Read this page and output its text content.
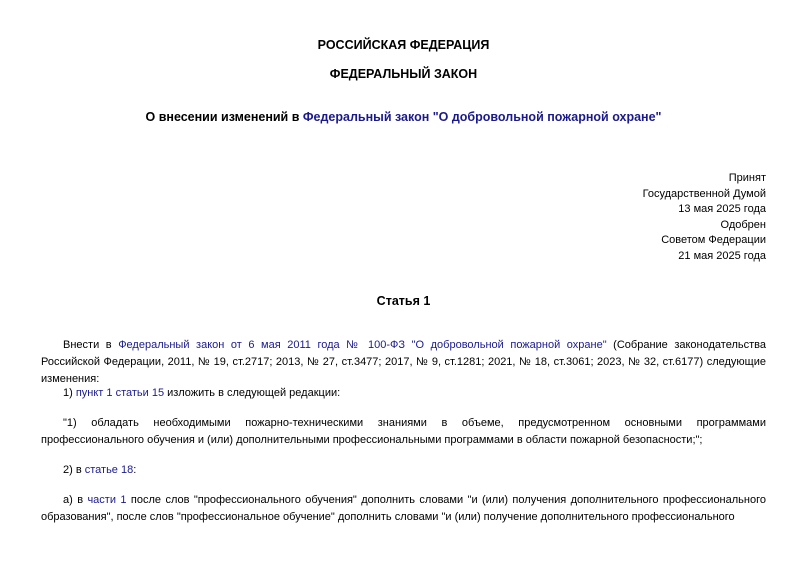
РОССИЙСКАЯ ФЕДЕРАЦИЯ
ФЕДЕРАЛЬНЫЙ ЗАКОН
О внесении изменений в Федеральный закон "О добровольной пожарной охране"
Принят
Государственной Думой
13 мая 2025 года
Одобрен
Советом Федерации
21 мая 2025 года
Статья 1
Внести в Федеральный закон от 6 мая 2011 года № 100-ФЗ "О добровольной пожарной охране" (Собрание законодательства Российской Федерации, 2011, № 19, ст.2717; 2013, № 27, ст.3477; 2017, № 9, ст.1281; 2021, № 18, ст.3061; 2023, № 32, ст.6177) следующие изменения:
1) пункт 1 статьи 15 изложить в следующей редакции:
"1) обладать необходимыми пожарно-техническими знаниями в объеме, предусмотренном основными программами профессионального обучения и (или) дополнительными профессиональными программами в области пожарной безопасности;";
2) в статье 18:
а) в части 1 после слов "профессионального обучения" дополнить словами "и (или) получения дополнительного профессионального образования", после слов "профессиональное обучение" дополнить словами "и (или) получение дополнительного профессионального
